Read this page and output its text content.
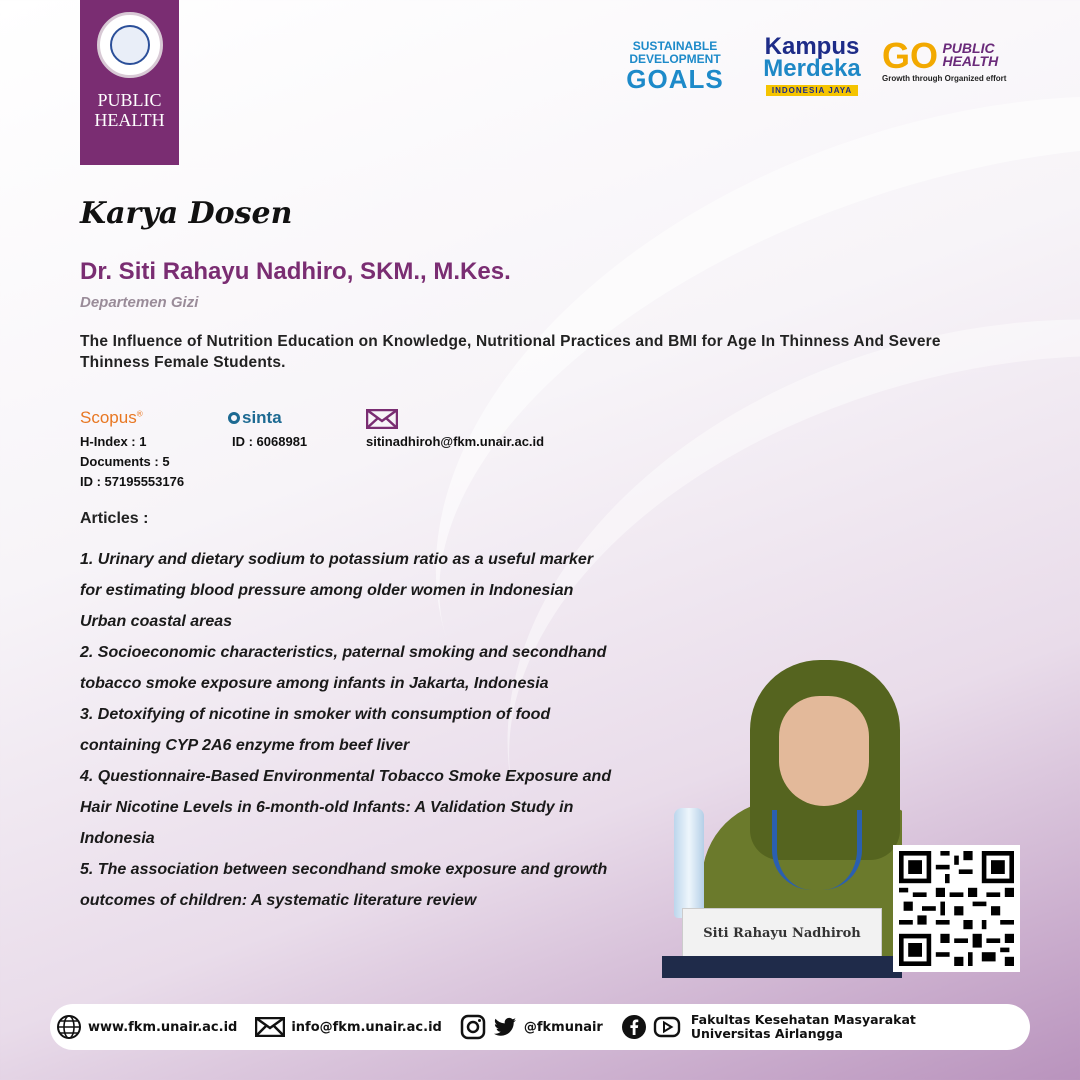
PUBLIC HEALTH
SUSTAINABLE
DEVELOPMENT
GOALS
Kampus
Merdeka
INDONESIA JAYA
GO PUBLIC
HEALTH
Growth through Organized effort
Karya Dosen
Dr. Siti Rahayu Nadhiro, SKM., M.Kes.
Departemen Gizi
The Influence of Nutrition Education on Knowledge, Nutritional Practices and BMI for Age In Thinness And Severe Thinness Female Students.
Scopus®
H-Index : 1
Documents : 5
ID : 57195553176
sinta
ID : 6068981	sitinadhiroh@fkm.unair.ac.id
Articles :
1. Urinary and dietary sodium to potassium ratio as a useful marker
for estimating blood pressure among older women in Indonesian
Urban coastal areas
2. Socioeconomic characteristics, paternal smoking and secondhand
tobacco smoke exposure among infants in Jakarta, Indonesia
3. Detoxifying of nicotine in smoker with consumption of food
containing CYP 2A6 enzyme from beef liver
4. Questionnaire-Based Environmental Tobacco Smoke Exposure and
Hair Nicotine Levels in 6-month-old Infants: A Validation Study in
Indonesia
5. The association between secondhand smoke exposure and growth
outcomes of children: A systematic literature review
Siti Rahayu Nadhiroh
www.fkm.unair.ac.id	info@fkm.unair.ac.id	@fkmunair	Fakultas Kesehatan Masyarakat
Universitas Airlangga
